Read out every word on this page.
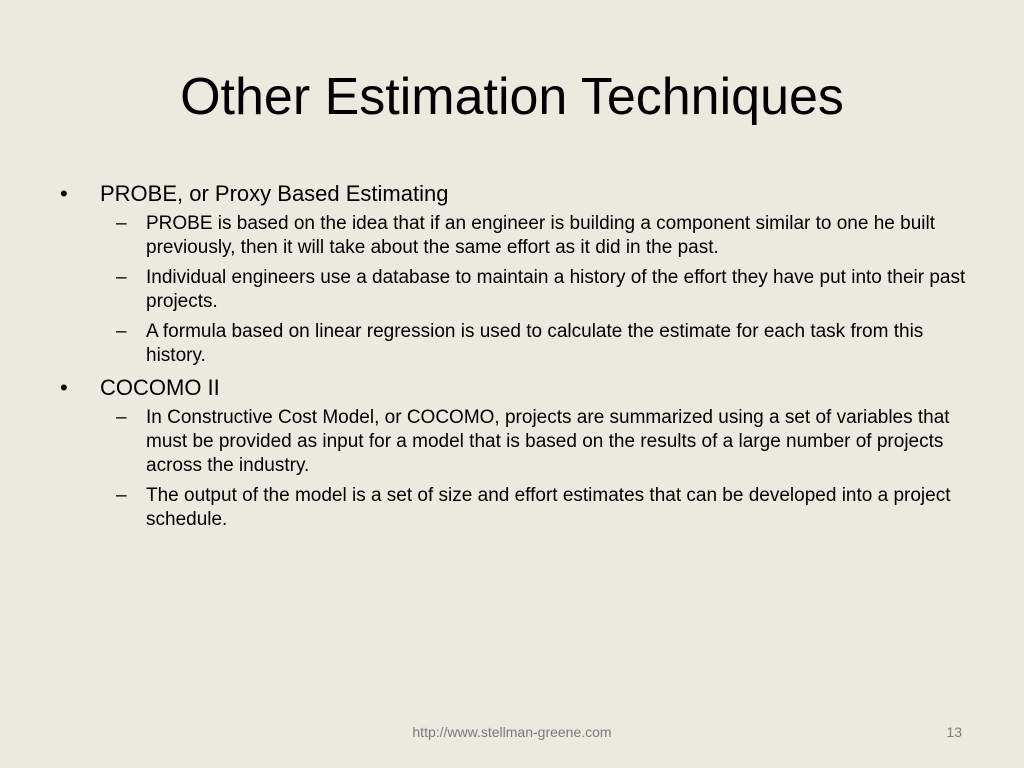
Other Estimation Techniques
•	PROBE, or Proxy Based Estimating
–	PROBE is based on the idea that if an engineer is building a component similar to one he built previously, then it will take about the same effort as it did in the past.
–	Individual engineers use a database to maintain a history of the effort they have put into their past projects.
–	A formula based on linear regression is used to calculate the estimate for each task from this history.
•	COCOMO II
–	In Constructive Cost Model, or COCOMO, projects are summarized using a set of variables that must be provided as input for a model that is based on the results of a large number of projects across the industry.
–	The output of the model is a set of size and effort estimates that can be developed into a project schedule.
http://www.stellman-greene.com	13
